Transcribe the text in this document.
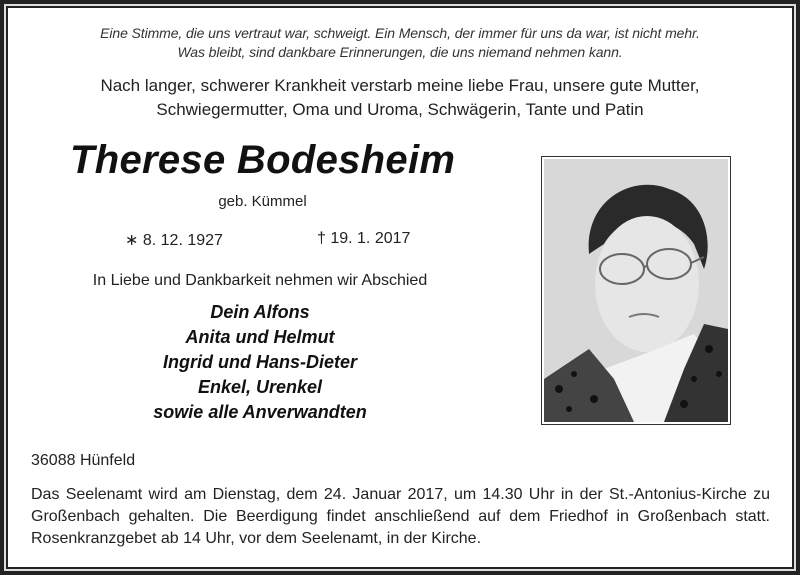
Eine Stimme, die uns vertraut war, schweigt. Ein Mensch, der immer für uns da war, ist nicht mehr.
Was bleibt, sind dankbare Erinnerungen, die uns niemand nehmen kann.
Nach langer, schwerer Krankheit verstarb meine liebe Frau, unsere gute Mutter,
Schwiegermutter, Oma und Uroma, Schwägerin, Tante und Patin
Therese Bodesheim
geb. Kümmel
∗ 8. 12. 1927	† 19. 1. 2017
In Liebe und Dankbarkeit nehmen wir Abschied
Dein Alfons
Anita und Helmut
Ingrid und Hans-Dieter
Enkel, Urenkel
sowie alle Anverwandten
36088 Hünfeld

Das Seelenamt wird am Dienstag, dem 24. Januar 2017, um 14.30 Uhr in der St.-Antonius-Kirche zu Großenbach gehalten. Die Beerdigung findet anschließend auf dem Friedhof in Großenbach statt. Rosenkranzgebet ab 14 Uhr, vor dem Seelenamt, in der Kirche.
